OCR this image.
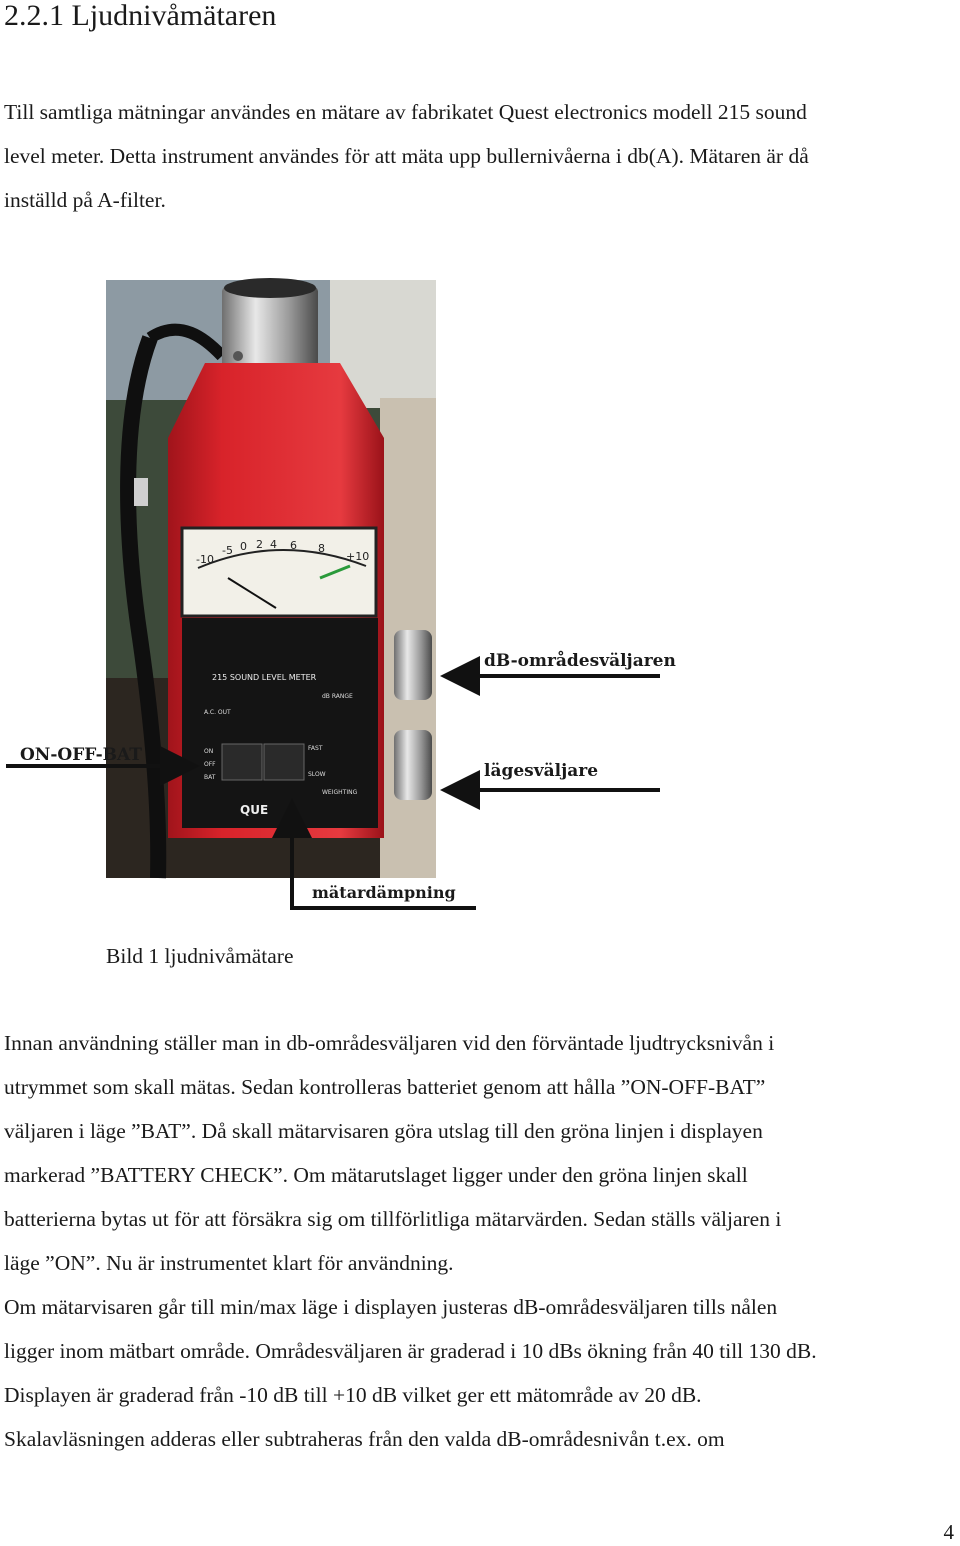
2.2.1 Ljudnivåmätaren

Till samtliga mätningar användes en mätare av fabrikatet Quest electronics modell 215 sound
level meter. Detta instrument användes för att mäta upp bullernivåerna i db(A). Mätaren är då
inställd på A-filter.

-10
-5 0 2 4 6 8
+10
215 SOUND LEVEL METER
A.C. OUT
dB RANGE
ON
OFF
BAT
FAST
SLOW
WEIGHTING
QUE
dB-områdesväljaren
ON-OFF-BAT
lägesväljare
mätardämpning

Bild 1 ljudnivåmätare

Innan användning ställer man in db-områdesväljaren vid den förväntade ljudtrycksnivån i
utrymmet som skall mätas. Sedan kontrolleras batteriet genom att hålla ”ON-OFF-BAT”
väljaren i läge ”BAT”. Då skall mätarvisaren göra utslag till den gröna linjen i displayen
markerad ”BATTERY CHECK”. Om mätarutslaget ligger under den gröna linjen skall
batterierna bytas ut för att försäkra sig om tillförlitliga mätarvärden. Sedan ställs väljaren i
läge ”ON”. Nu är instrumentet klart för användning.
Om mätarvisaren går till min/max läge i displayen justeras dB-områdesväljaren tills nålen
ligger inom mätbart område. Områdesväljaren är graderad i 10 dBs ökning från 40 till 130 dB.
Displayen är graderad från -10 dB till +10 dB vilket ger ett mätområde av 20 dB.
Skalavläsningen adderas eller subtraheras från den valda dB-områdesnivån t.ex. om

4
